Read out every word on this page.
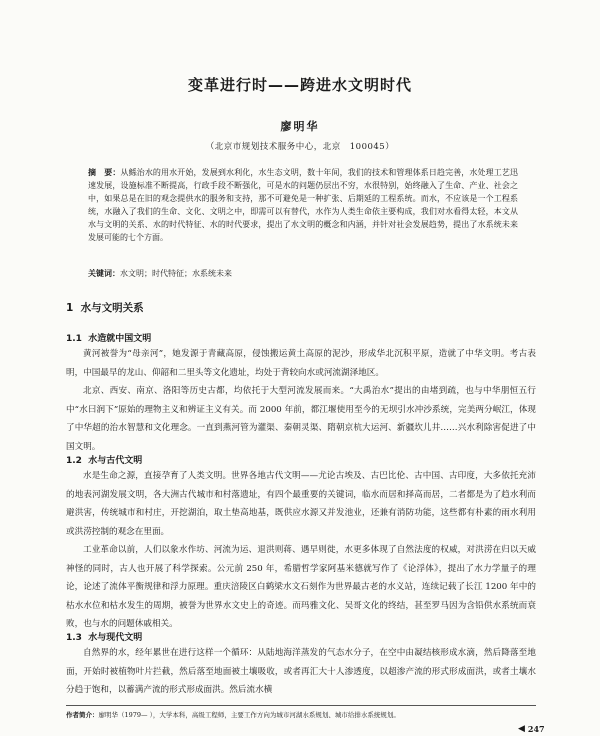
变革进行时——跨进水文明时代
廖明华
（北京市规划技术服务中心，北京　100045）
摘　要：从鲧治水的用水开始，发展到水利化，水生态文明，数十年间，我们的技术和管理体系日趋完善，水处理工艺迅速发展，设施标准不断提高，行政手段不断强化，可是水的问题仍层出不穷，水很特别，始终融入了生命、产业、社会之中，如果总是在旧的观念提供水的服务和支持，那不可避免是一种扩张、后期延的工程系统。而水，不应该是一个工程系统，水融入了我们的生命、文化、文明之中，即需可以有替代，水作为人类生命依主要构成，我们对水看得太轻，本文从水与文明的关系、水的时代特征、水的时代要求，提出了水文明的概念和内涵，并针对社会发展趋势，提出了水系统未来发展可能的七个方面。
关键词：水文明；时代特征；水系统未来
1 水与文明关系
1.1 水造就中国文明
黄河被誉为“母亲河”，她发源于青藏高原，侵蚀搬运黄土高原的泥沙，形成华北沉积平原，造就了中华文明。考古表明，中国最早的龙山、仰韶和二里头等文化遗址，均处于背较向水或河流湖泽地区。
北京、西安、南京、洛阳等历史古都，均依托于大型河流发展而来。“大禹治水”提出的由堵到疏，也与中华朋恒五行中“水曰润下”原始的理物主义和辨证主义有关。而 2000 年前，都江堰使用至今的无坝引水冲沙系统，完美两分岷江，体现了中华超的治水智慧和文化理念。一直到燕河管为灌渠、秦朝灵渠、隋朝京杭大运河、新疆坎儿井……兴水利除害促进了中国文明。
1.2 水与古代文明
水是生命之源，直接孕育了人类文明。世界各地古代文明——尤论古埃及、古巴比伦、古中国、古印度，大多依托充沛的地表河湖发展文明，各大洲古代城市和村落遗址，有四个最重要的关键词，临水而居和择高而居，二者都是为了趋水利而避洪害，传统城市和村庄，开挖湖泊，取土垫高地基，既供应水源又并发池业，还兼有消防功能，这些都有朴素的雨水利用或洪涝控制的观念在里面。
工业革命以前，人们以象水作坊、河流为运、退洪则蒋、遇早则徙，水更多体现了自然法度的权威，对洪涝在归以天威神怪的同时，古人也开展了科学探索。公元前 250 年，希腊哲学家阿基米德就写作了《论浮体》，提出了水力学量子的理论，论述了流体平衡规律和浮力原理。重庆涪陵区白鹤梁水文石刻作为世界最古老的水义站，连续记载了长江 1200 年中的枯水水位和枯水发生的周期，被誉为世界水文史上的奇迹。而玛雅文化、吴哥文化的终结，甚至罗马因为含铅供水系统而衰败，也与水的问题休戚相关。
1.3 水与现代文明
自然界的水，经年累世在进行这样一个循环：从陆地海洋蒸发的气态水分子，在空中由凝结核形成水滴，然后降落至地面，开始时被植物叶片拦截，然后落至地面被土壤吸收，或者再汇大十人渗透度，以超渗产流的形式形成面洪，或者土壤水分趋于饱和，以蓄满产流的形式形成面洪。然后流水横
作者简介：廖明华（1979— ），大学本科，高级工程师，主要工作方向为城市河湖水系规划、城市给排水系统规划。
◀ 247
